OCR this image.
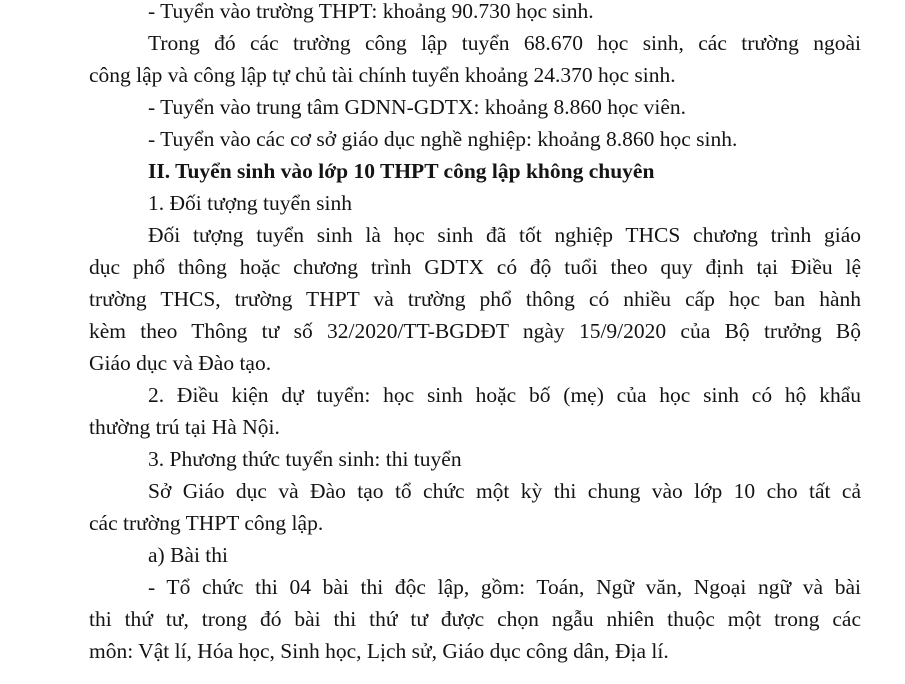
- Tuyển vào trường THPT: khoảng 90.730 học sinh.
Trong đó các trường công lập tuyển 68.670 học sinh, các trường ngoài
công lập và công lập tự chủ tài chính tuyển khoảng 24.370 học sinh.
- Tuyển vào trung tâm GDNN-GDTX: khoảng 8.860 học viên.
- Tuyển vào các cơ sở giáo dục nghề nghiệp: khoảng 8.860 học sinh.
II. Tuyển sinh vào lớp 10 THPT công lập không chuyên
1. Đối tượng tuyển sinh
Đối tượng tuyển sinh là học sinh đã tốt nghiệp THCS chương trình giáo
dục phổ thông hoặc chương trình GDTX có độ tuổi theo quy định tại Điều lệ
trường THCS, trường THPT và trường phổ thông có nhiều cấp học ban hành
kèm theo Thông tư số 32/2020/TT-BGDĐT ngày 15/9/2020 của Bộ trưởng Bộ
Giáo dục và Đào tạo.
2. Điều kiện dự tuyển: học sinh hoặc bố (mẹ) của học sinh có hộ khẩu
thường trú tại Hà Nội.
3. Phương thức tuyển sinh: thi tuyển
Sở Giáo dục và Đào tạo tổ chức một kỳ thi chung vào lớp 10 cho tất cả
các trường THPT công lập.
a) Bài thi
- Tổ chức thi 04 bài thi độc lập, gồm: Toán, Ngữ văn, Ngoại ngữ và bài
thi thứ tư, trong đó bài thi thứ tư được chọn ngẫu nhiên thuộc một trong các
môn: Vật lí, Hóa học, Sinh học, Lịch sử, Giáo dục công dân, Địa lí.
